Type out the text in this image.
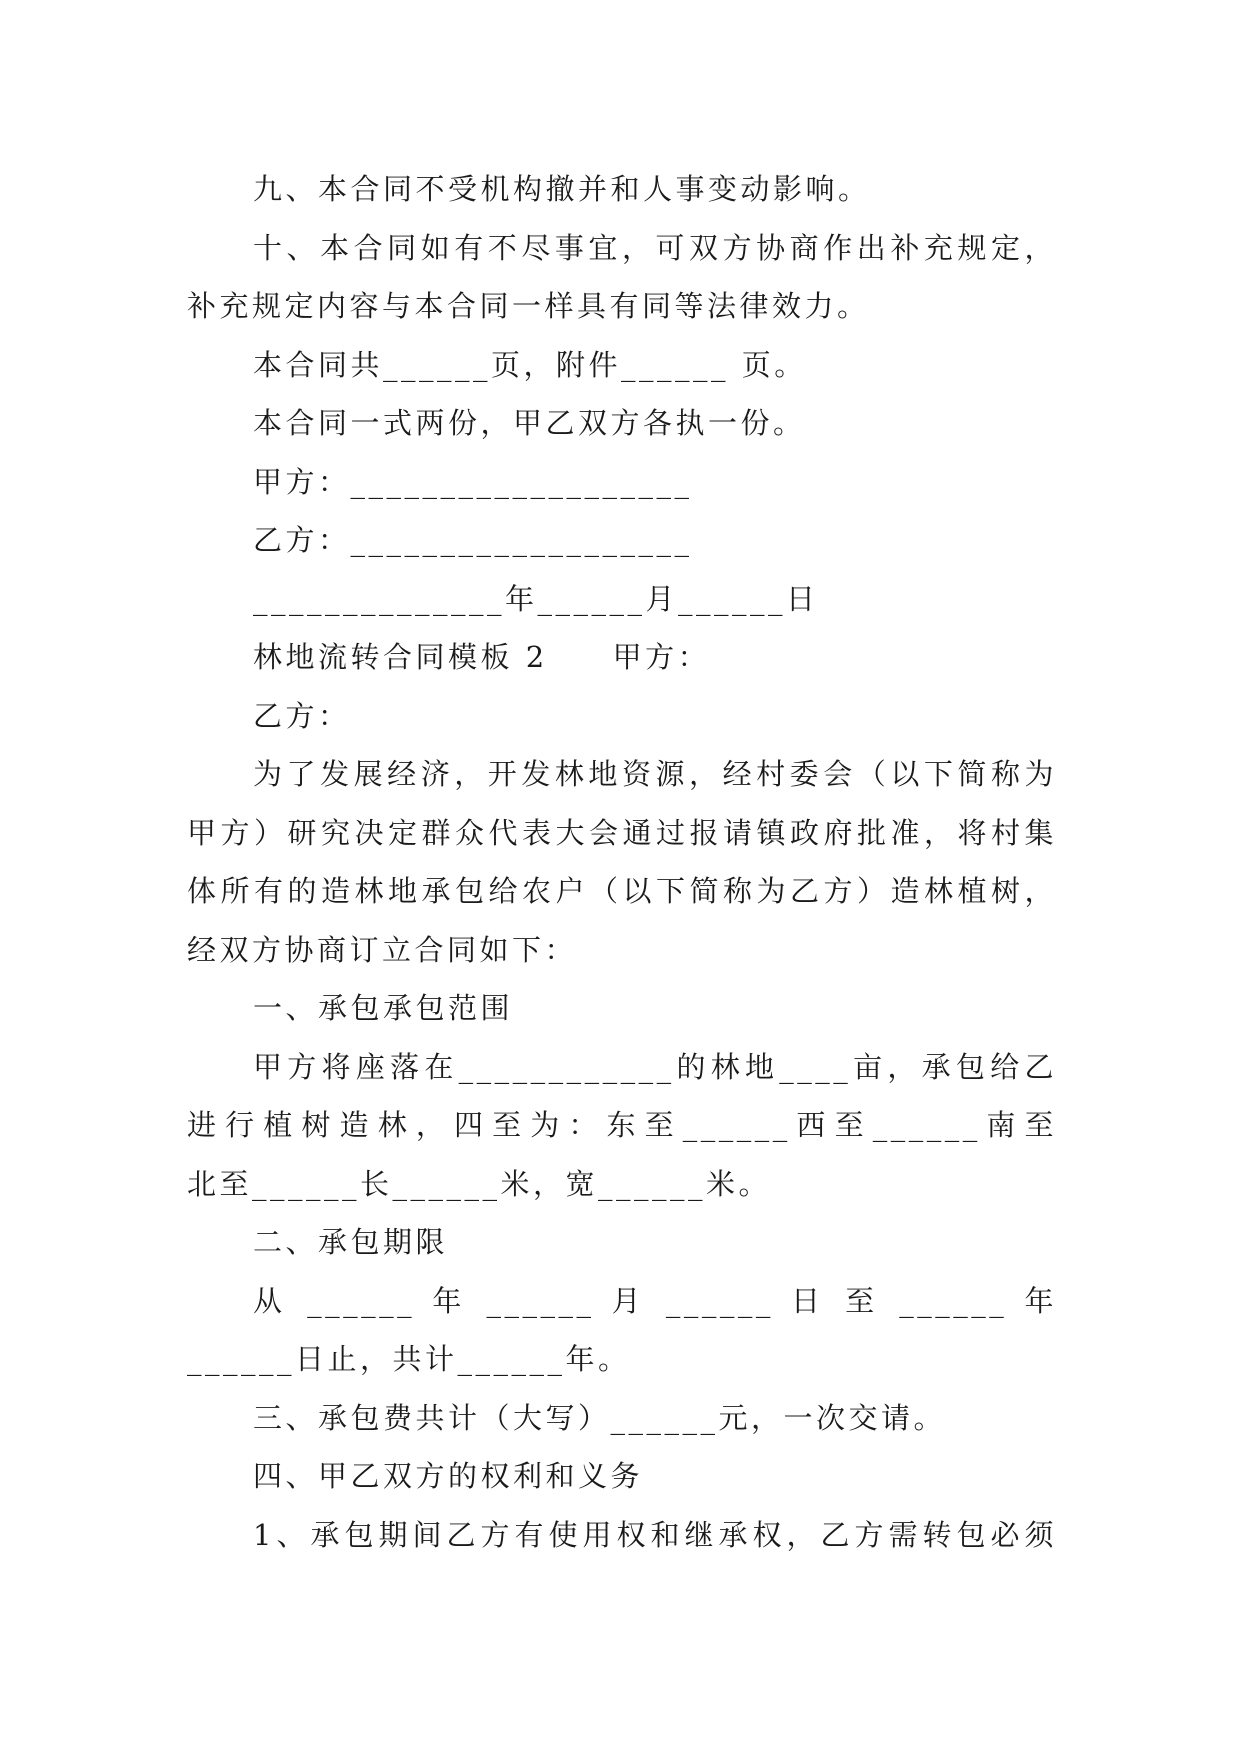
九、本合同不受机构撤并和人事变动影响。
十、本合同如有不尽事宜，可双方协商作出补充规定，
补充规定内容与本合同一样具有同等法律效力。
本合同共______页，附件______ 页。
本合同一式两份，甲乙双方各执一份。
甲方：___________________
乙方：___________________
______________年______月______日
林地流转合同模板 2　　甲方：
乙方：
为了发展经济，开发林地资源，经村委会（以下简称为
甲方）研究决定群众代表大会通过报请镇政府批准，将村集
体所有的造林地承包给农户（以下简称为乙方）造林植树，
经双方协商订立合同如下：
一、承包承包范围
甲方将座落在____________的林地____亩，承包给乙
进行植树造林，四至为：东至______西至______南至
北至______长______米，宽______米。
二、承包期限
从 ______ 年 ______ 月 ______ 日 至 ______ 年
______日止，共计______年。
三、承包费共计（大写）______元，一次交请。
四、甲乙双方的权利和义务
1、承包期间乙方有使用权和继承权，乙方需转包必须
